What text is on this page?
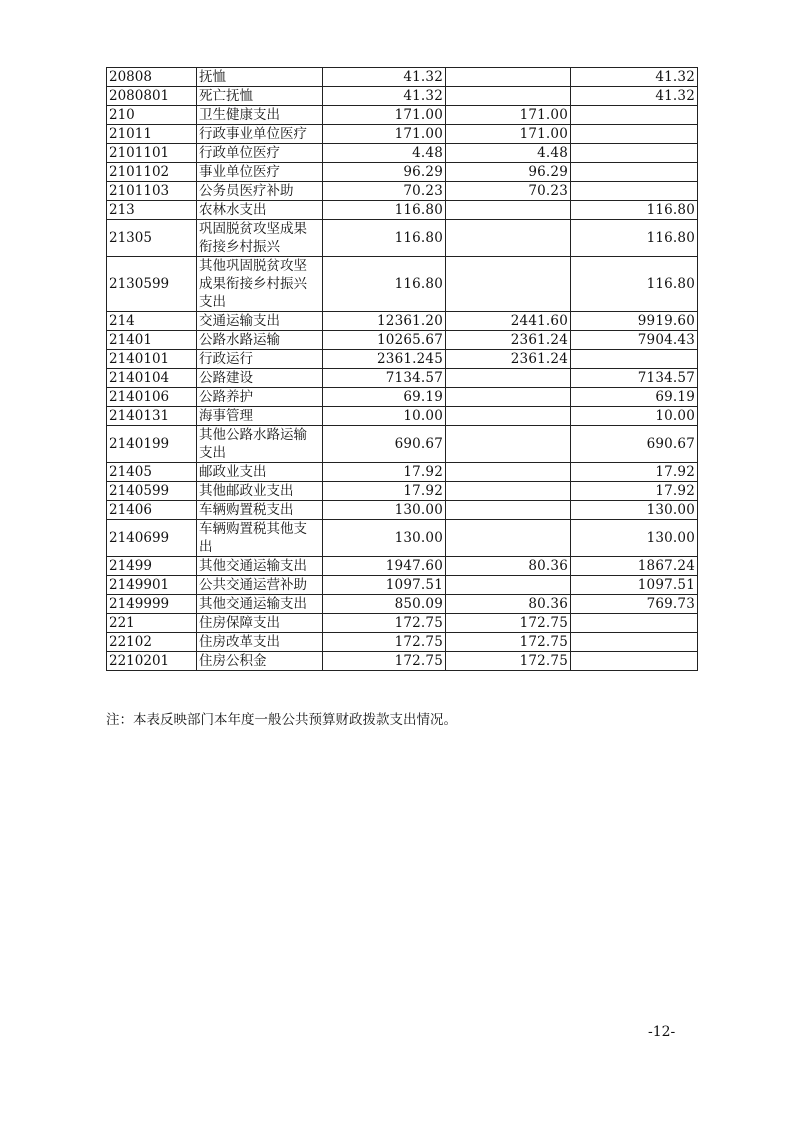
20808	抚恤	41.32		41.32
2080801	死亡抚恤	41.32		41.32
210	卫生健康支出	171.00	171.00	
21011	行政事业单位医疗	171.00	171.00	
2101101	行政单位医疗	4.48	4.48	
2101102	事业单位医疗	96.29	96.29	
2101103	公务员医疗补助	70.23	70.23	
213	农林水支出	116.80		116.80
21305	巩固脱贫攻坚成果衔接乡村振兴	116.80		116.80
2130599	其他巩固脱贫攻坚成果衔接乡村振兴支出	116.80		116.80
214	交通运输支出	12361.20	2441.60	9919.60
21401	公路水路运输	10265.67	2361.24	7904.43
2140101	行政运行	2361.245	2361.24	
2140104	公路建设	7134.57		7134.57
2140106	公路养护	69.19		69.19
2140131	海事管理	10.00		10.00
2140199	其他公路水路运输支出	690.67		690.67
21405	邮政业支出	17.92		17.92
2140599	其他邮政业支出	17.92		17.92
21406	车辆购置税支出	130.00		130.00
2140699	车辆购置税其他支出	130.00		130.00
21499	其他交通运输支出	1947.60	80.36	1867.24
2149901	公共交通运营补助	1097.51		1097.51
2149999	其他交通运输支出	850.09	80.36	769.73
221	住房保障支出	172.75	172.75	
22102	住房改革支出	172.75	172.75	
2210201	住房公积金	172.75	172.75	
注：本表反映部门本年度一般公共预算财政拨款支出情况。
-12-
